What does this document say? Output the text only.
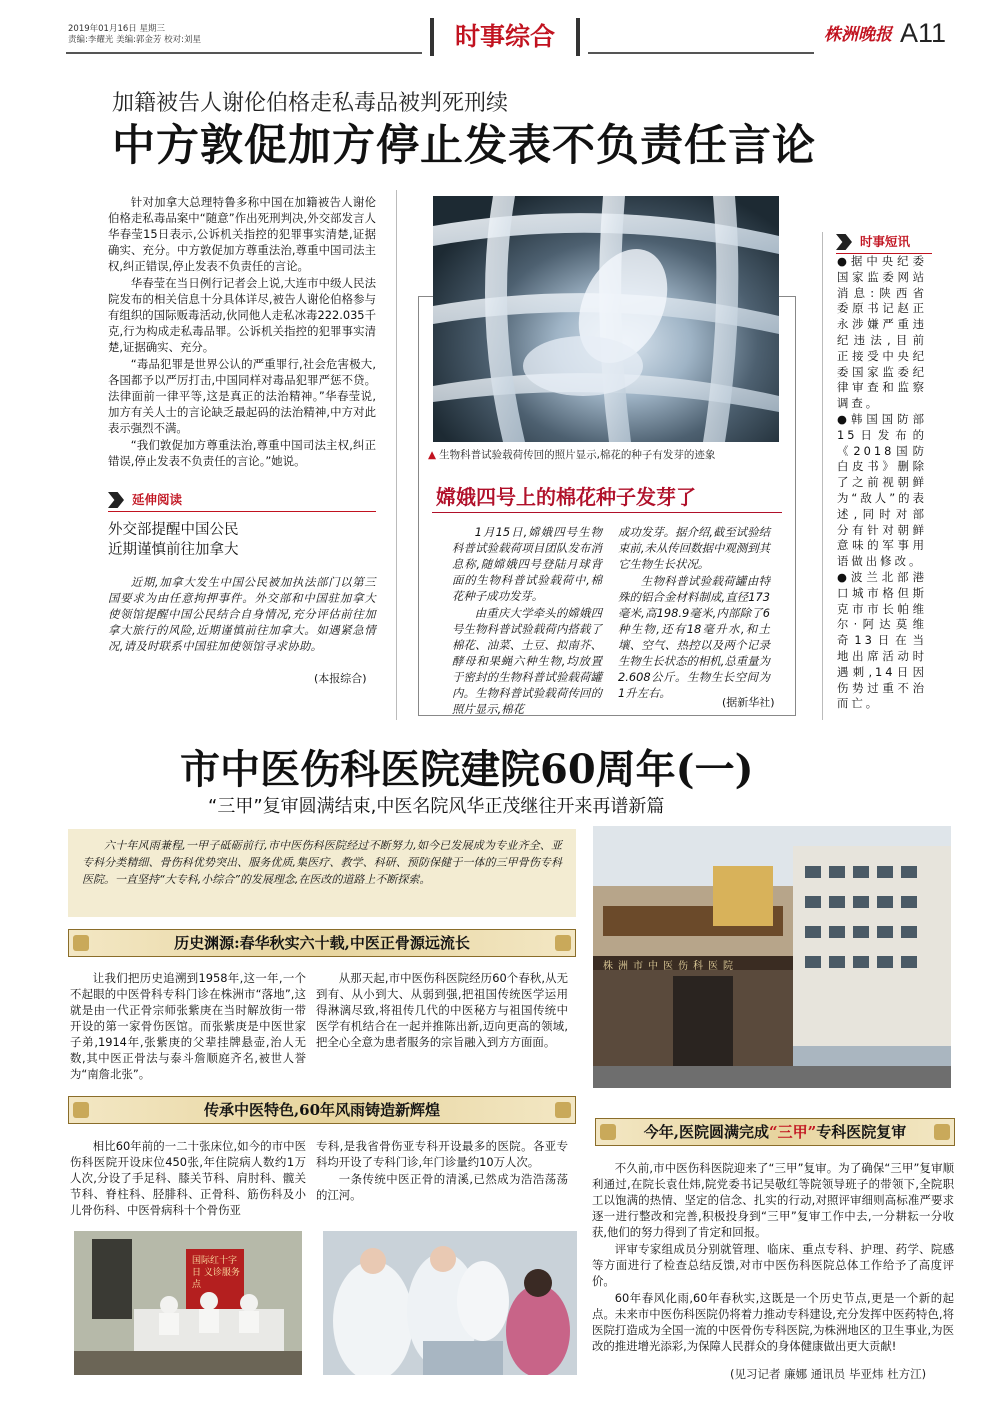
2019年01月16日 星期三
责编:李耀光 美编:郭金芳 校对:刘星	时事综合	株洲晚报 A11
加籍被告人谢伦伯格走私毒品被判死刑续
中方敦促加方停止发表不负责任言论

针对加拿大总理特鲁多称中国在加籍被告人谢伦伯格走私毒品案中“随意”作出死刑判决,外交部发言人华春莹15日表示,公诉机关指控的犯罪事实清楚,证据确实、充分。中方敦促加方尊重法治,尊重中国司法主权,纠正错误,停止发表不负责任的言论。

华春莹在当日例行记者会上说,大连市中级人民法院发布的相关信息十分具体详尽,被告人谢伦伯格参与有组织的国际贩毒活动,伙同他人走私冰毒222.035千克,行为构成走私毒品罪。公诉机关指控的犯罪事实清楚,证据确实、充分。

“毒品犯罪是世界公认的严重罪行,社会危害极大,各国都予以严厉打击,中国同样对毒品犯罪严惩不贷。法律面前一律平等,这是真正的法治精神。”华春莹说,加方有关人士的言论缺乏最起码的法治精神,中方对此表示强烈不满。

“我们敦促加方尊重法治,尊重中国司法主权,纠正错误,停止发表不负责任的言论。”她说。

延伸阅读
外交部提醒中国公民
近期谨慎前往加拿大

近期,加拿大发生中国公民被加执法部门以第三国要求为由任意拘押事件。外交部和中国驻加拿大使领馆提醒中国公民结合自身情况,充分评估前往加拿大旅行的风险,近期谨慎前往加拿大。如遇紧急情况,请及时联系中国驻加使领馆寻求协助。

(本报综合)
▲ 生物科普试验载荷传回的照片显示,棉花的种子有发芽的迹象
嫦娥四号上的棉花种子发芽了

1月15日,嫦娥四号生物科普试验载荷项目团队发布消息称,随嫦娥四号登陆月球背面的生物科普试验载荷中,棉花种子成功发芽。

由重庆大学牵头的嫦娥四号生物科普试验载荷内搭载了棉花、油菜、土豆、拟南芥、酵母和果蝇六种生物,均放置于密封的生物科普试验载荷罐内。生物科普试验载荷传回的照片显示,棉花

成功发芽。据介绍,截至试验结束前,未从传回数据中观测到其它生物生长状况。

生物科普试验载荷罐由特殊的铝合金材料制成,直径173毫米,高198.9毫米,内部除了6种生物,还有18毫升水,和土壤、空气、热控以及两个记录生物生长状态的相机,总重量为2.608公斤。生物生长空间为1升左右。

(据新华社)
时事短讯

●据中央纪委国家监委网站消息:陕西省委原书记赵正永涉嫌严重违纪违法,目前正接受中央纪委国家监委纪律审查和监察调查。

●韩国国防部15日发布的《2018国防白皮书》删除了之前视朝鲜为“敌人”的表述,同时对部分有针对朝鲜意味的军事用语做出修改。

●波兰北部港口城市格但斯克市市长帕维尔·阿达莫维奇13日在当地出席活动时遇刺,14日因伤势过重不治而亡。

市中医伤科医院建院60周年(一)
“三甲”复审圆满结束,中医名院风华正茂继往开来再谱新篇

六十年风雨兼程,一甲子砥砺前行,市中医伤科医院经过不断努力,如今已发展成为专业齐全、亚专科分类精细、骨伤科优势突出、服务优质,集医疗、教学、科研、预防保健于一体的三甲骨伤专科医院。一直坚持“大专科,小综合”的发展理念,在医改的道路上不断探索。

历史渊源:春华秋实六十载,中医正骨源远流长

让我们把历史追溯到1958年,这一年,一个不起眼的中医骨科专科门诊在株洲市“落地”,这就是由一代正骨宗师张紫庚在当时解放街一带开设的第一家骨伤医馆。而张紫庚是中医世家子弟,1914年,张紫庚的父辈挂牌悬壶,治人无数,其中医正骨法与泰斗詹顺庭齐名,被世人誉为“南詹北张”。

从那天起,市中医伤科医院经历60个春秋,从无到有、从小到大、从弱到强,把祖国传统医学运用得淋漓尽致,将祖传几代的中医秘方与祖国传统中医学有机结合在一起并推陈出新,迈向更高的领域,把全心全意为患者服务的宗旨融入到方方面面。

传承中医特色,60年风雨铸造新辉煌

相比60年前的一二十张床位,如今的市中医伤科医院开设床位450张,年住院病人数约1万人次,分设了手足科、膝关节科、肩肘科、髋关节科、脊柱科、胫腓科、正骨科、筋伤科及小儿骨伤科、中医骨病科十个骨伤亚

专科,是我省骨伤亚专科开设最多的医院。各亚专科均开设了专科门诊,年门诊量约10万人次。

一条传统中医正骨的清溪,已然成为浩浩荡荡的江河。

国际红十字日 义诊服务点
株洲市中医伤科医院
今年,医院圆满完成“三甲”专科医院复审

不久前,市中医伤科医院迎来了“三甲”复审。为了确保“三甲”复审顺利通过,在院长袁仕炜,院党委书记吴敬红等院领导班子的带领下,全院职工以饱满的热情、坚定的信念、扎实的行动,对照评审细则高标准严要求逐一进行整改和完善,积极投身到“三甲”复审工作中去,一分耕耘一分收获,他们的努力得到了肯定和回报。

评审专家组成员分别就管理、临床、重点专科、护理、药学、院感等方面进行了检查总结反馈,对市中医伤科医院总体工作给予了高度评价。

60年春风化雨,60年春秋实,这既是一个历史节点,更是一个新的起点。未来市中医伤科医院仍将着力推动专科建设,充分发挥中医药特色,将医院打造成为全国一流的中医骨伤专科医院,为株洲地区的卫生事业,为医改的推进增光添彩,为保障人民群众的身体健康做出更大贡献!

(见习记者 廉娜 通讯员 毕亚炜 杜方江)
